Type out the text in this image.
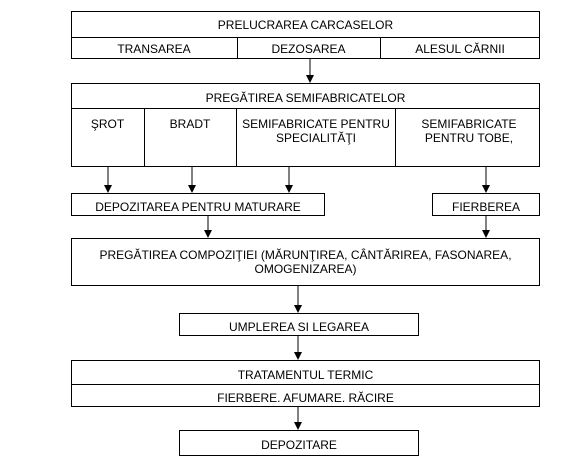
PRELUCRAREA CARCASELOR
TRANSAREA	DEZOSAREA	ALESUL CĂRNII
PREGĂTIREA SEMIFABRICATELOR
ŞROT	BRADT	SEMIFABRICATE PENTRU SPECIALITĂŢI
SEMIFABRICATE PENTRU TOBE,
DEPOZITAREA PENTRU MATURARE	FIERBEREA
PREGĂTIREA COMPOZIŢIEI (MĂRUNŢIREA, CÂNTĂRIREA, FASONAREA, OMOGENIZAREA)
UMPLEREA SI LEGAREA
TRATAMENTUL TERMIC
FIERBERE. AFUMARE. RĂCIRE
DEPOZITARE
